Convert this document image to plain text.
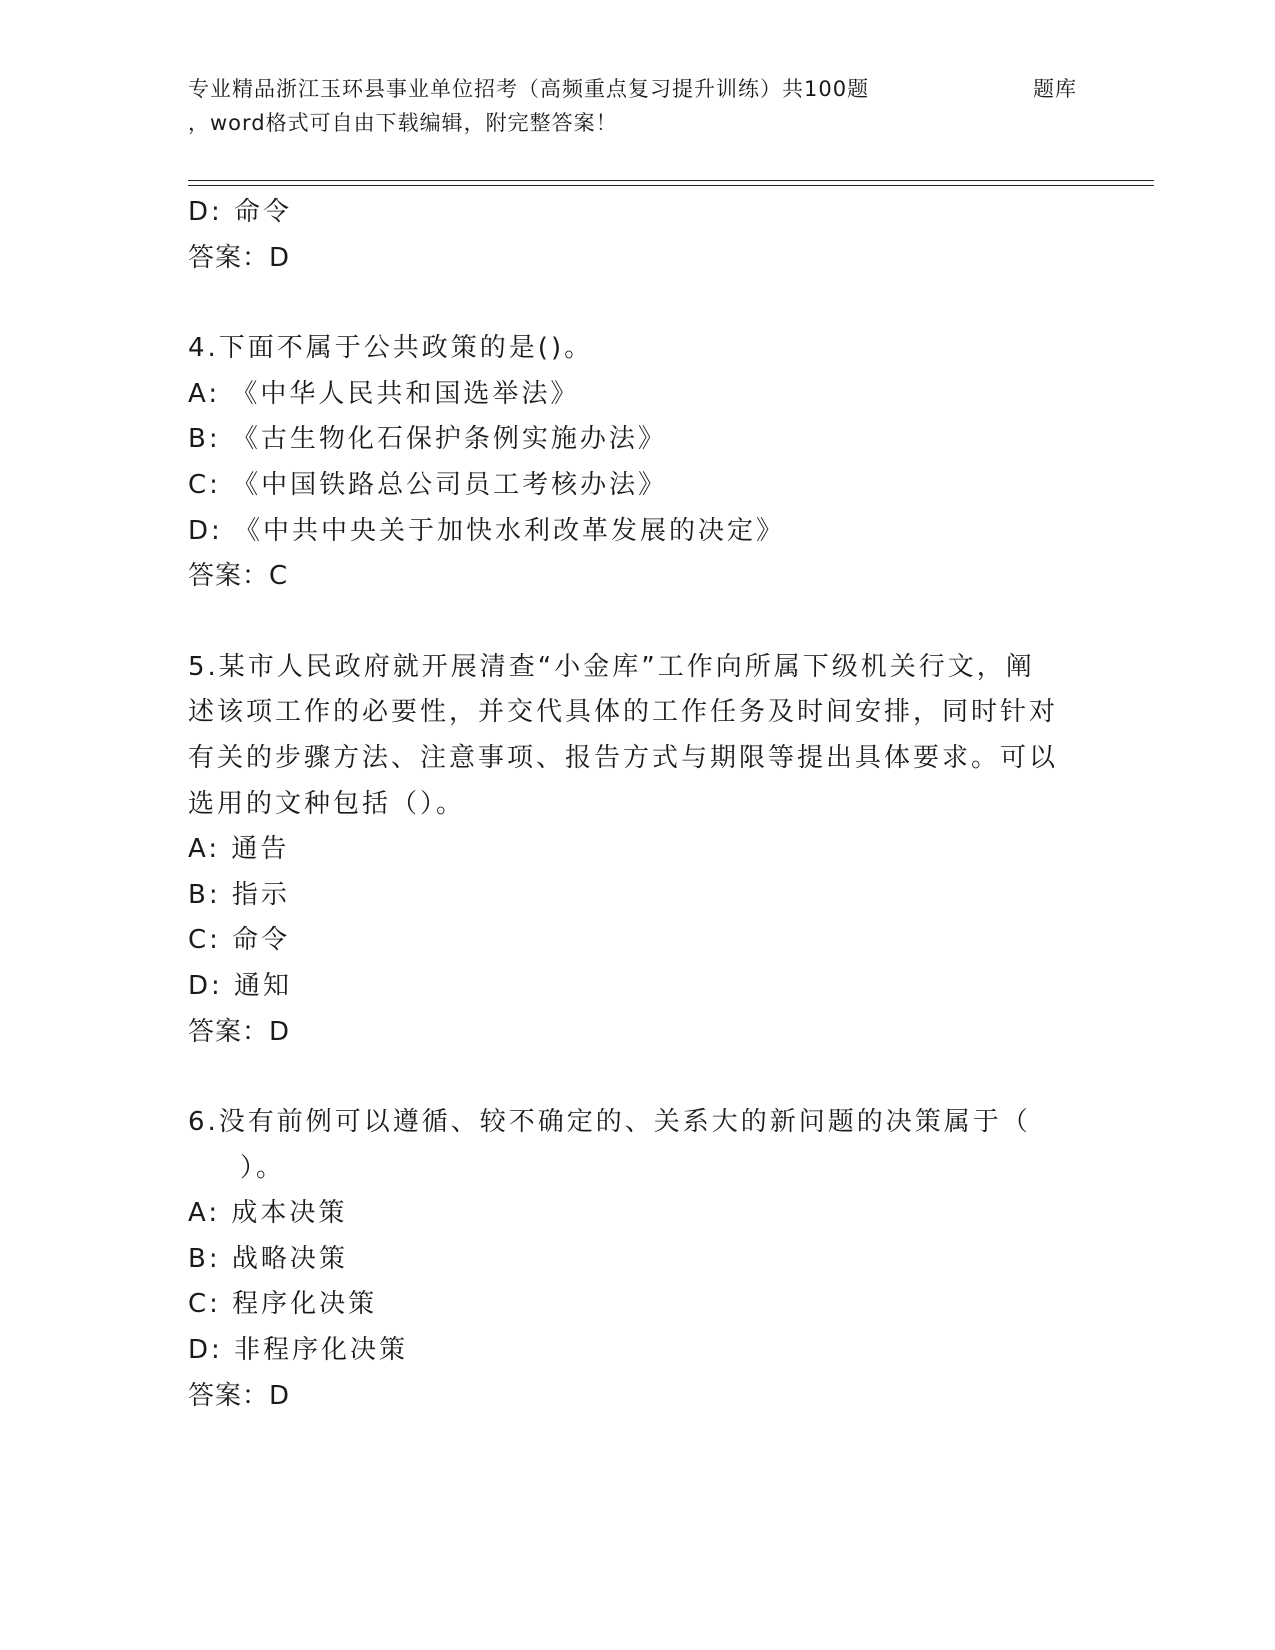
专业精品浙江玉环县事业单位招考（高频重点复习提升训练）共100题	题库
，word格式可自由下载编辑，附完整答案！
D: 命令
答案：D
4.下面不属于公共政策的是()。
A: 《中华人民共和国选举法》
B: 《古生物化石保护条例实施办法》
C: 《中国铁路总公司员工考核办法》
D: 《中共中央关于加快水利改革发展的决定》
答案：C
5.某市人民政府就开展清查“小金库”工作向所属下级机关行文，阐
述该项工作的必要性，并交代具体的工作任务及时间安排，同时针对
有关的步骤方法、注意事项、报告方式与期限等提出具体要求。可以
选用的文种包括（）。
A: 通告
B: 指示
C: 命令
D: 通知
答案：D
6.没有前例可以遵循、较不确定的、关系大的新问题的决策属于（
）。
A: 成本决策
B: 战略决策
C: 程序化决策
D: 非程序化决策
答案：D
